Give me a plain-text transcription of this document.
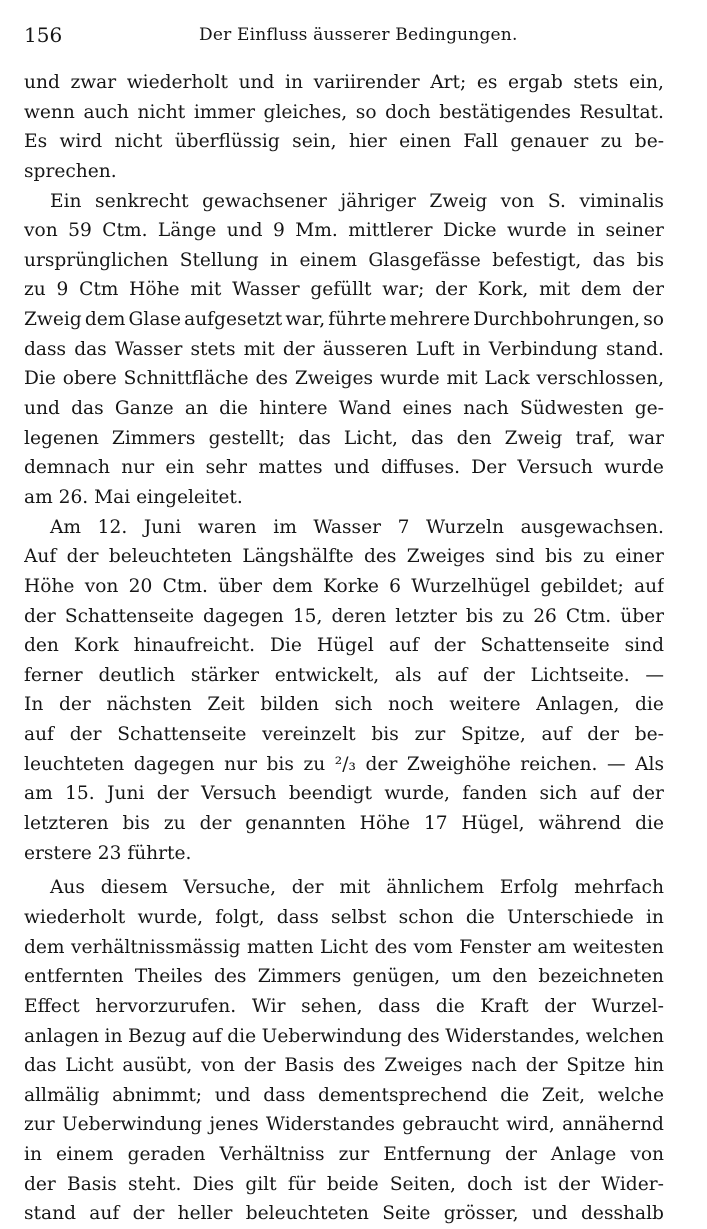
156	Der Einfluss äusserer Bedingungen.
und zwar wiederholt und in variirender Art; es ergab stets ein,
wenn auch nicht immer gleiches, so doch bestätigendes Resultat.
Es wird nicht überflüssig sein, hier einen Fall genauer zu be-
sprechen.
Ein senkrecht gewachsener jähriger Zweig von S. viminalis
von 59 Ctm. Länge und 9 Mm. mittlerer Dicke wurde in seiner
ursprünglichen Stellung in einem Glasgefässe befestigt, das bis
zu 9 Ctm Höhe mit Wasser gefüllt war; der Kork, mit dem der
Zweig dem Glase aufgesetzt war, führte mehrere Durchbohrungen, so
dass das Wasser stets mit der äusseren Luft in Verbindung stand.
Die obere Schnittfläche des Zweiges wurde mit Lack verschlossen,
und das Ganze an die hintere Wand eines nach Südwesten ge-
legenen Zimmers gestellt; das Licht, das den Zweig traf, war
demnach nur ein sehr mattes und diffuses. Der Versuch wurde
am
26.
Mai
eingeleitet.
Am 12. Juni waren im Wasser 7 Wurzeln ausgewachsen.
Auf der beleuchteten Längshälfte des Zweiges sind bis zu einer
Höhe von 20 Ctm. über dem Korke 6 Wurzelhügel gebildet; auf
der Schattenseite dagegen 15, deren letzter bis zu 26 Ctm. über
den Kork hinaufreicht. Die Hügel auf der Schattenseite sind
ferner deutlich stärker entwickelt, als auf der Lichtseite. —
In der nächsten Zeit bilden sich noch weitere Anlagen, die
auf der Schattenseite vereinzelt bis zur Spitze, auf der be-
leuchteten dagegen nur bis zu ²/₃ der Zweighöhe reichen. — Als
am 15. Juni der Versuch beendigt wurde, fanden sich auf der
letzteren bis zu der genannten Höhe 17 Hügel, während die
erstere
23
führte.
Aus diesem Versuche, der mit ähnlichem Erfolg mehrfach
wiederholt wurde, folgt, dass selbst schon die Unterschiede in
dem verhältnissmässig matten Licht des vom Fenster am weitesten
entfernten Theiles des Zimmers genügen, um den bezeichneten
Effect hervorzurufen. Wir sehen, dass die Kraft der Wurzel-
anlagen in Bezug auf die Ueberwindung des Widerstandes, welchen
das Licht ausübt, von der Basis des Zweiges nach der Spitze hin
allmälig abnimmt; und dass dementsprechend die Zeit, welche
zur Ueberwindung jenes Widerstandes gebraucht wird, annähernd
in einem geraden Verhältniss zur Entfernung der Anlage von
der Basis steht. Dies gilt für beide Seiten, doch ist der Wider-
stand auf der heller beleuchteten Seite grösser, und desshalb
